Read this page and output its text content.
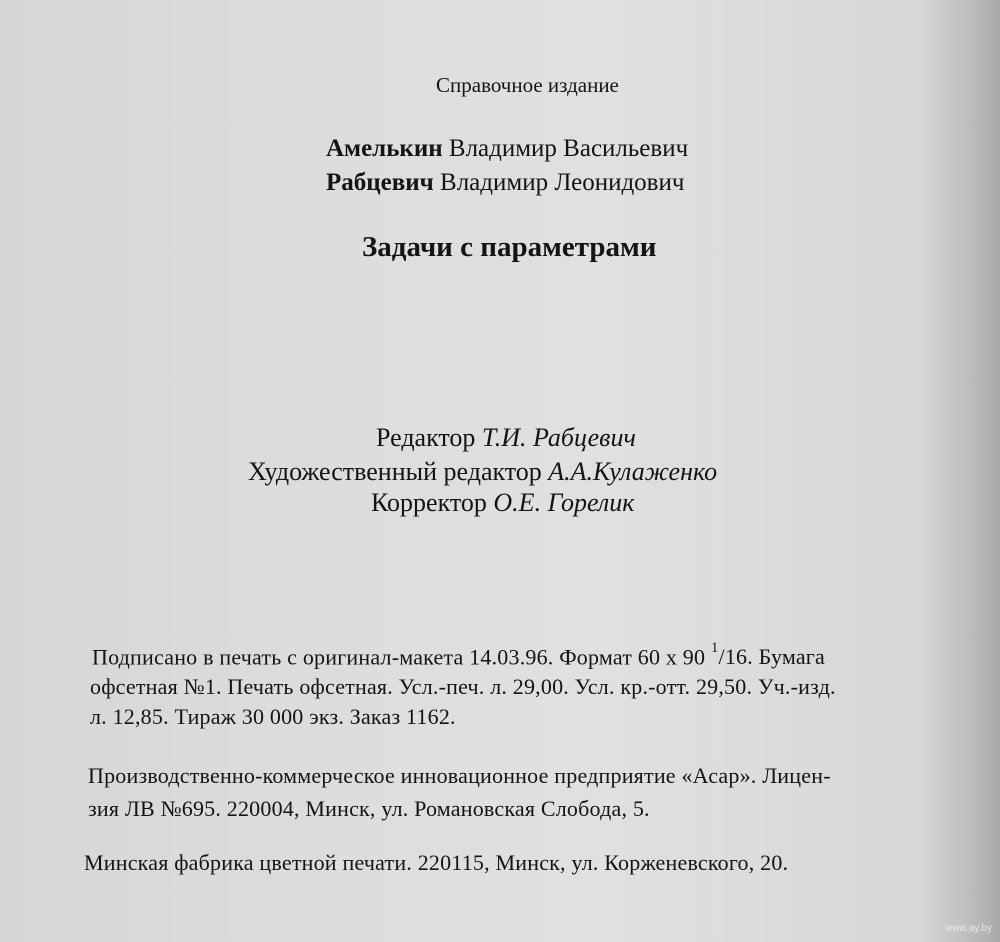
Справочное издание
Амелькин Владимир Васильевич
Рабцевич Владимир Леонидович
Задачи с параметрами
Редактор Т.И. Рабцевич
Художественный редактор А.А.Кулаженко
Корректор О.Е. Горелик
Подписано в печать с оригинал-макета 14.03.96. Формат 60 x 90 $^1$/16. Бумага
офсетная №1. Печать офсетная. Усл.-печ. л. 29,00. Усл. кр.-отт. 29,50. Уч.-изд.
л. 12,85. Тираж 30 000 экз. Заказ 1162.
Производственно-коммерческое инновационное предприятие «Асар». Лицен-
зия ЛВ №695. 220004, Минск, ул. Романовская Слобода, 5.
Минская фабрика цветной печати. 220115, Минск, ул. Корженевского, 20.
www.ay.by
